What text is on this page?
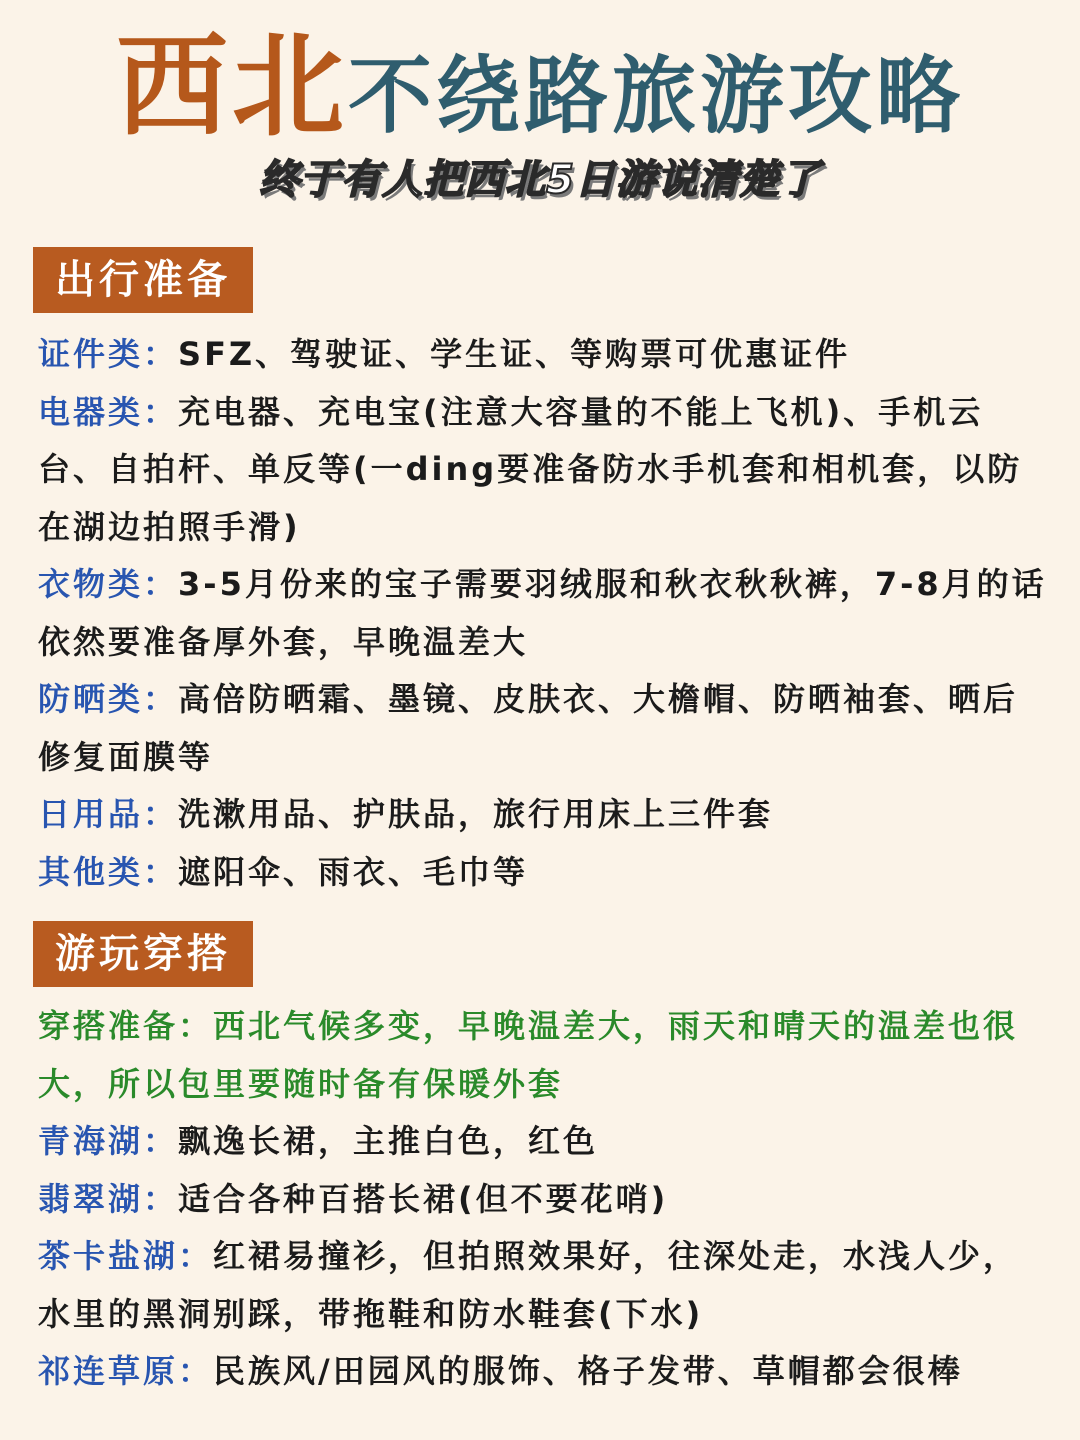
西北不绕路旅游攻略
终于有人把西北5日游说清楚了
出行准备
证件类：SFZ、驾驶证、学生证、等购票可优惠证件
电器类：充电器、充电宝(注意大容量的不能上飞机)、手机云台、自拍杆、单反等(一ding要准备防水手机套和相机套，以防在湖边拍照手滑)
衣物类：3-5月份来的宝子需要羽绒服和秋衣秋秋裤，7-8月的话依然要准备厚外套，早晚温差大
防晒类：高倍防晒霜、墨镜、皮肤衣、大檐帽、防晒袖套、晒后修复面膜等
日用品：洗漱用品、护肤品，旅行用床上三件套
其他类：遮阳伞、雨衣、毛巾等
游玩穿搭
穿搭准备：西北气候多变，早晚温差大，雨天和晴天的温差也很大，所以包里要随时备有保暖外套
青海湖：飘逸长裙，主推白色，红色
翡翠湖：适合各种百搭长裙(但不要花哨)
茶卡盐湖：红裙易撞衫，但拍照效果好，往深处走，水浅人少，水里的黑洞别踩，带拖鞋和防水鞋套(下水)
祁连草原：民族风/田园风的服饰、格子发带、草帽都会很棒
